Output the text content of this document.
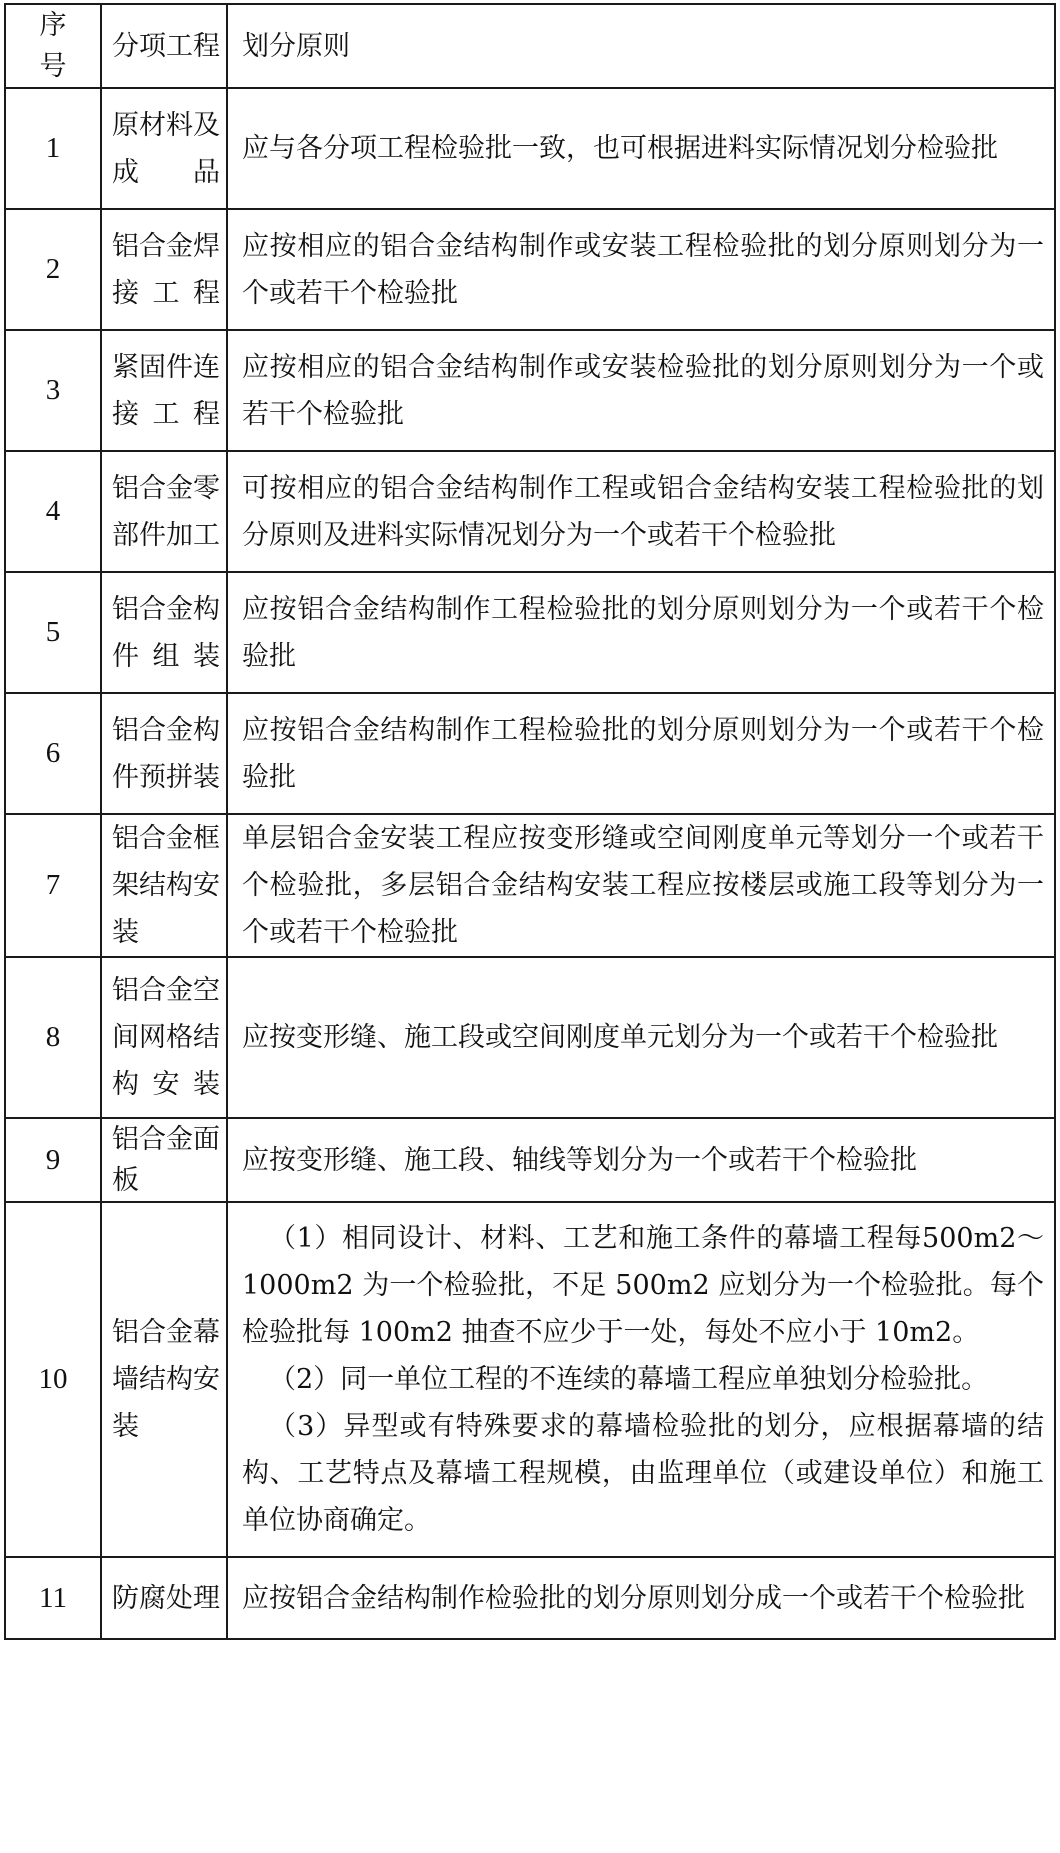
序号	分项工程	划分原则
1	原材料及成品	应与各分项工程检验批一致，也可根据进料实际情况划分检验批

2	铝合金焊接工程	应按相应的铝合金结构制作或安装工程检验批的划分原则划分为一个或若干个检验批

3	紧固件连接工程	应按相应的铝合金结构制作或安装检验批的划分原则划分为一个或若干个检验批

4	铝合金零部件加工	可按相应的铝合金结构制作工程或铝合金结构安装工程检验批的划分原则及进料实际情况划分为一个或若干个检验批

5	铝合金构件组装	应按铝合金结构制作工程检验批的划分原则划分为一个或若干个检验批

6	铝合金构件预拼装	应按铝合金结构制作工程检验批的划分原则划分为一个或若干个检验批

7	铝合金框架结构安装	单层铝合金安装工程应按变形缝或空间刚度单元等划分一个或若干个检验批，多层铝合金结构安装工程应按楼层或施工段等划分为一个或若干个检验批

8	铝合金空间网格结构安装	应按变形缝、施工段或空间刚度单元划分为一个或若干个检验批

9	铝合金面板	应按变形缝、施工段、轴线等划分为一个或若干个检验批

10	铝合金幕墙结构安装	（1）相同设计、材料、工艺和施工条件的幕墙工程每500m2～1000m2 为一个检验批，不足 500m2 应划分为一个检验批。每个检验批每 100m2 抽查不应少于一处，每处不应小于 10m2。

（2）同一单位工程的不连续的幕墙工程应单独划分检验批。

（3）异型或有特殊要求的幕墙检验批的划分，应根据幕墙的结构、工艺特点及幕墙工程规模，由监理单位（或建设单位）和施工单位协商确定。

11	防腐处理	应按铝合金结构制作检验批的划分原则划分成一个或若干个检验批
